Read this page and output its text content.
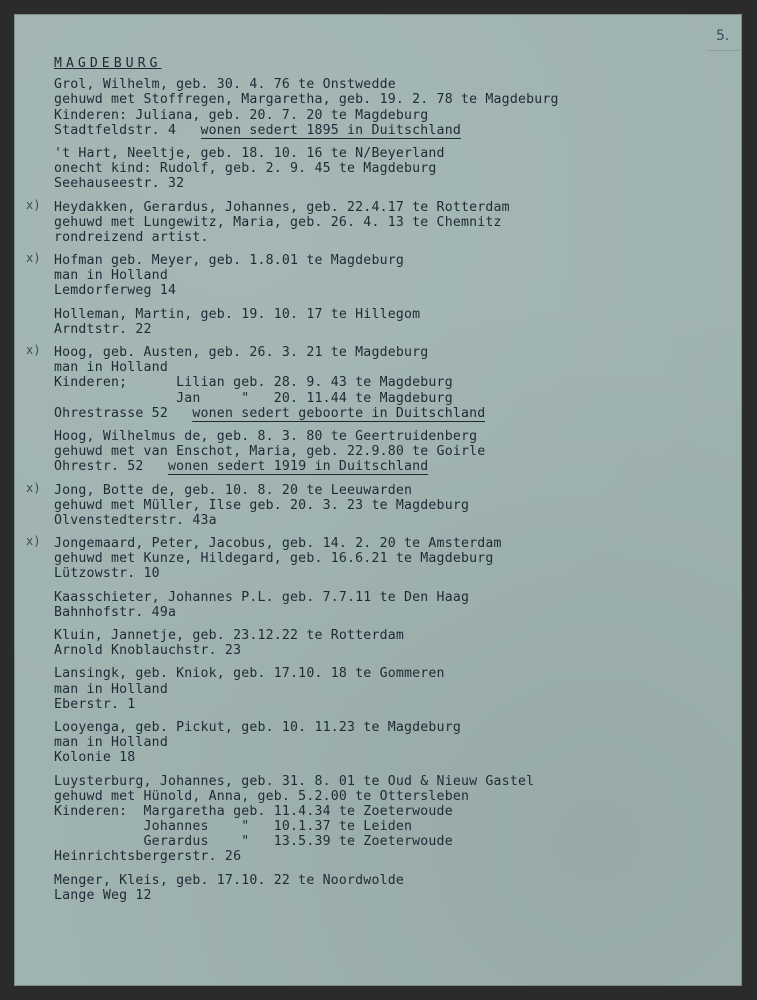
5.
MAGDEBURG
Grol, Wilhelm, geb. 30. 4. 76 te Onstwedde
gehuwd met Stoffregen, Margaretha, geb. 19. 2. 78 te Magdeburg
Kinderen: Juliana, geb. 20. 7. 20 te Magdeburg
Stadtfeldstr. 4 wonen sedert 1895 in Duitschland
't Hart, Neeltje, geb. 18. 10. 16 te N/Beyerland
onecht kind: Rudolf, geb. 2. 9. 45 te Magdeburg
Seehauseestr. 32
x) Heydakken, Gerardus, Johannes, geb. 22.4.17 te Rotterdam
gehuwd met Lungewitz, Maria, geb. 26. 4. 13 te Chemnitz
rondreizend artist.
x) Hofman geb. Meyer, geb. 1.8.01 te Magdeburg
man in Holland
Lemdorferweg 14
Holleman, Martin, geb. 19. 10. 17 te Hillegom
Arndtstr. 22
x) Hoog, geb. Austen, geb. 26. 3. 21 te Magdeburg
man in Holland
Kinderen;      Lilian geb. 28. 9. 43 te Magdeburg
Jan     "   20. 11.44 te Magdeburg
Ohrestrasse 52 wonen sedert geboorte in Duitschland
Hoog, Wilhelmus de, geb. 8. 3. 80 te Geertruidenberg
gehuwd met van Enschot, Maria, geb. 22.9.80 te Goirle
Ohrestr. 52 wonen sedert 1919 in Duitschland
x) Jong, Botte de, geb. 10. 8. 20 te Leeuwarden
gehuwd met Müller, Ilse geb. 20. 3. 23 te Magdeburg
Olvenstedterstr. 43a
x) Jongemaard, Peter, Jacobus, geb. 14. 2. 20 te Amsterdam
gehuwd met Kunze, Hildegard, geb. 16.6.21 te Magdeburg
Lützowstr. 10
Kaasschieter, Johannes P.L. geb. 7.7.11 te Den Haag
Bahnhofstr. 49a
Kluin, Jannetje, geb. 23.12.22 te Rotterdam
Arnold Knoblauchstr. 23
Lansingk, geb. Kniok, geb. 17.10. 18 te Gommeren
man in Holland
Eberstr. 1
Looyenga, geb. Pickut, geb. 10. 11.23 te Magdeburg
man in Holland
Kolonie 18
Luysterburg, Johannes, geb. 31. 8. 01 te Oud & Nieuw Gastel
gehuwd met Hünold, Anna, geb. 5.2.00 te Ottersleben
Kinderen:  Margaretha geb. 11.4.34 te Zoeterwoude
Johannes    "   10.1.37 te Leiden
Gerardus    "   13.5.39 te Zoeterwoude
Heinrichtsbergerstr. 26
Menger, Kleis, geb. 17.10. 22 te Noordwolde
Lange Weg 12
